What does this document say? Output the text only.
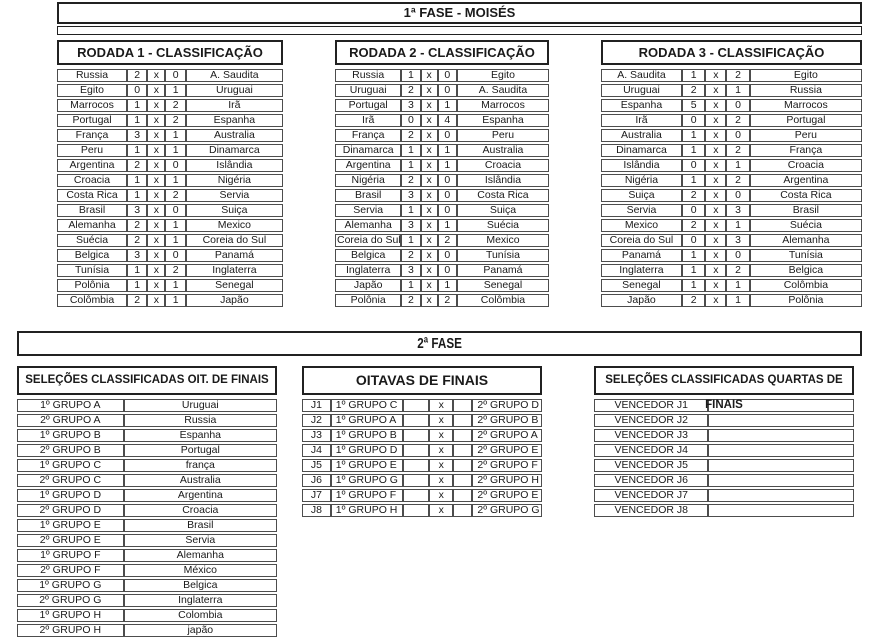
1ª FASE - MOISÉS
RODADA 1 - CLASSIFICAÇÃO
Russia	2	x	0	A. Saudita
Egito	0	x	1	Uruguai
Marrocos	1	x	2	Irã
Portugal	1	x	2	Espanha
França	3	x	1	Australia
Peru	1	x	1	Dinamarca
Argentina	2	x	0	Islândia
Croacia	1	x	1	Nigéria
Costa Rica	1	x	2	Servia
Brasil	3	x	0	Suiça
Alemanha	2	x	1	Mexico
Suécia	2	x	1	Coreia do Sul
Belgica	3	x	0	Panamá
Tunísia	1	x	2	Inglaterra
Polônia	1	x	1	Senegal
Colômbia	2	x	1	Japão
RODADA 2 - CLASSIFICAÇÃO
Russia	1	x	0	Egito
Uruguai	2	x	0	A. Saudita
Portugal	3	x	1	Marrocos
Irã	0	x	4	Espanha
França	2	x	0	Peru
Dinamarca	1	x	1	Australia
Argentina	1	x	1	Croacia
Nigéria	2	x	0	Islândia
Brasil	3	x	0	Costa Rica
Servia	1	x	0	Suiça
Alemanha	3	x	1	Suécia
Coreia do Sul	1	x	2	Mexico
Belgica	2	x	0	Tunísia
Inglaterra	3	x	0	Panamá
Japão	1	x	1	Senegal
Polônia	2	x	2	Colômbia
RODADA 3 - CLASSIFICAÇÃO
A. Saudita	1	x	2	Egito
Uruguai	2	x	1	Russia
Espanha	5	x	0	Marrocos
Irã	0	x	2	Portugal
Australia	1	x	0	Peru
Dinamarca	1	x	2	França
Islândia	0	x	1	Croacia
Nigéria	1	x	2	Argentina
Suiça	2	x	0	Costa Rica
Servia	0	x	3	Brasil
Mexico	2	x	1	Suécia
Coreia do Sul	0	x	3	Alemanha
Panamá	1	x	0	Tunísia
Inglaterra	1	x	2	Belgica
Senegal	1	x	1	Colômbia
Japão	2	x	1	Polônia
2ª FASE
SELEÇÕES CLASSIFICADAS OIT. DE FINAIS
1º GRUPO A	Uruguai
2º GRUPO A	Russia
1º GRUPO B	Espanha
2º GRUPO B	Portugal
1º GRUPO C	frança
2º GRUPO C	Australia
1º GRUPO D	Argentina
2º GRUPO D	Croacia
1º GRUPO E	Brasil
2º GRUPO E	Servia
1º GRUPO F	Alemanha
2º GRUPO F	México
1º GRUPO G	Belgica
2º GRUPO G	Inglaterra
1º GRUPO H	Colombia
2º GRUPO H	japão
OITAVAS DE FINAIS
J1	1º GRUPO C		x		2º GRUPO D
J2	1º GRUPO A		x		2º GRUPO B
J3	1º GRUPO B		x		2º GRUPO A
J4	1º GRUPO D		x		2º GRUPO E
J5	1º GRUPO E		x		2º GRUPO F
J6	1º GRUPO G		x		2º GRUPO H
J7	1º GRUPO F		x		2º GRUPO E
J8	1º GRUPO H		x		2º GRUPO G
SELEÇÕES CLASSIFICADAS QUARTAS DE FINAIS
VENCEDOR J1	
VENCEDOR J2	
VENCEDOR J3	
VENCEDOR J4	
VENCEDOR J5	
VENCEDOR J6	
VENCEDOR J7	
VENCEDOR J8	
